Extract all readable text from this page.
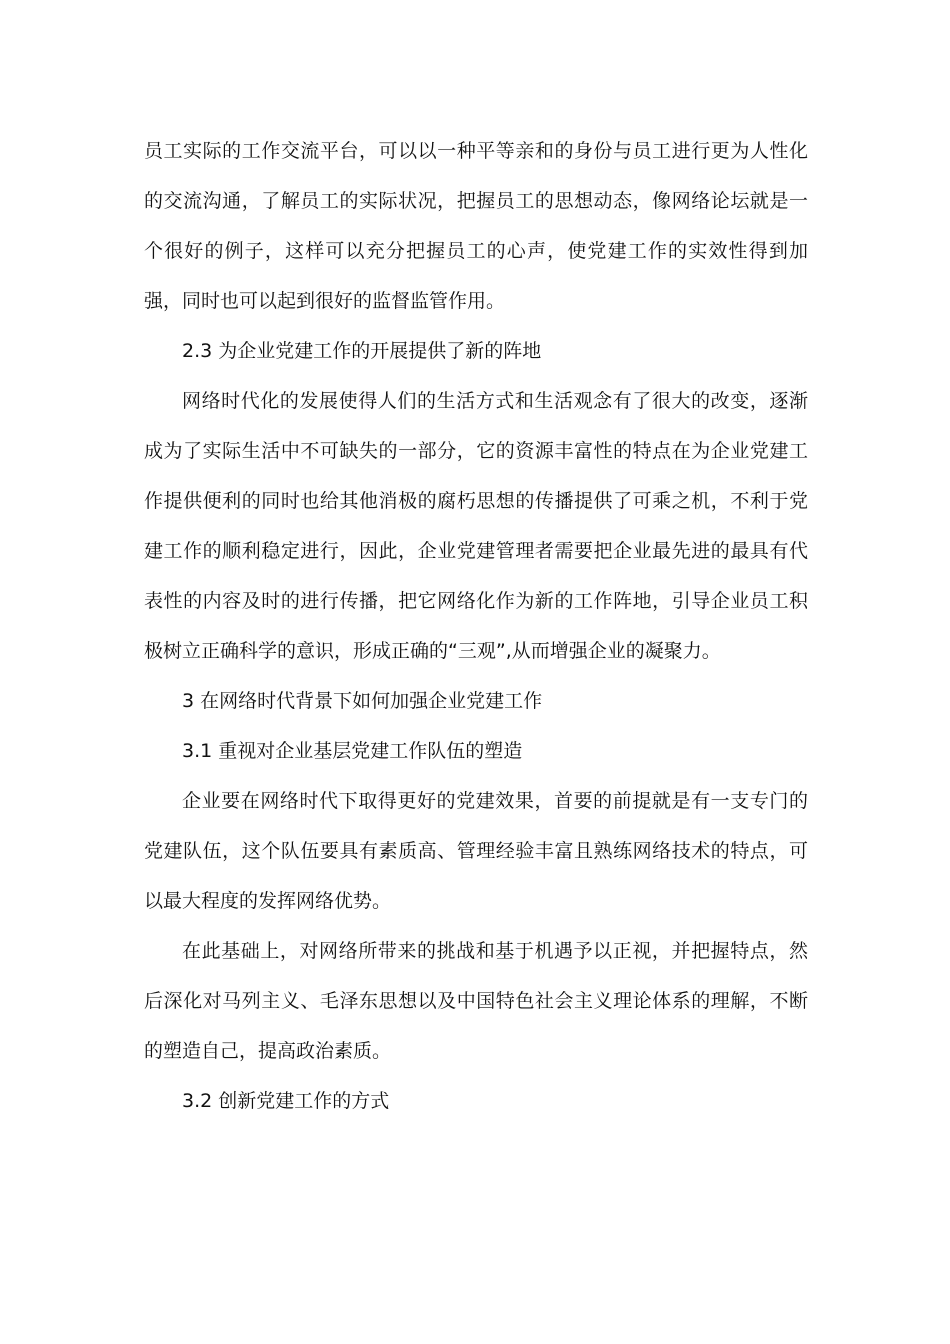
员工实际的工作交流平台，可以以一种平等亲和的身份与员工进行更为人性化的交流沟通，了解员工的实际状况，把握员工的思想动态，像网络论坛就是一个很好的例子，这样可以充分把握员工的心声，使党建工作的实效性得到加强，同时也可以起到很好的监督监管作用。

2.3 为企业党建工作的开展提供了新的阵地

网络时代化的发展使得人们的生活方式和生活观念有了很大的改变，逐渐成为了实际生活中不可缺失的一部分，它的资源丰富性的特点在为企业党建工作提供便利的同时也给其他消极的腐朽思想的传播提供了可乘之机，不利于党建工作的顺利稳定进行，因此，企业党建管理者需要把企业最先进的最具有代表性的内容及时的进行传播，把它网络化作为新的工作阵地，引导企业员工积极树立正确科学的意识，形成正确的“三观”,从而增强企业的凝聚力。

3 在网络时代背景下如何加强企业党建工作

3.1 重视对企业基层党建工作队伍的塑造

企业要在网络时代下取得更好的党建效果，首要的前提就是有一支专门的党建队伍，这个队伍要具有素质高、管理经验丰富且熟练网络技术的特点，可以最大程度的发挥网络优势。

在此基础上，对网络所带来的挑战和基于机遇予以正视，并把握特点，然后深化对马列主义、毛泽东思想以及中国特色社会主义理论体系的理解，不断的塑造自己，提高政治素质。

3.2 创新党建工作的方式
